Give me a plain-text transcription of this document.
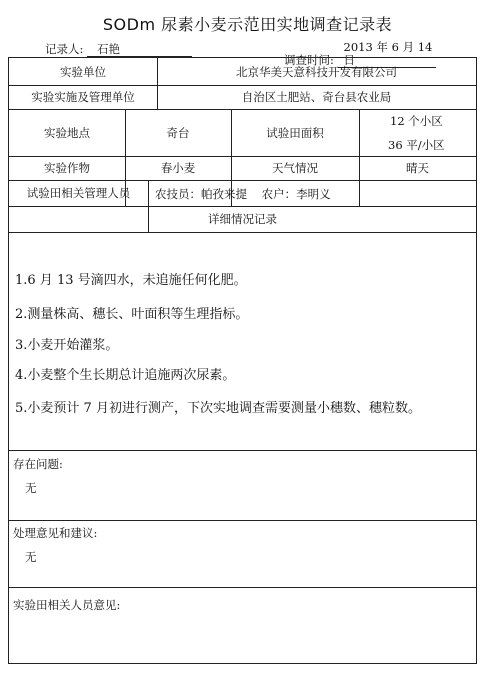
SODm 尿素小麦示范田实地调查记录表
记录人: 石艳
调查时间: 2013 年 6 月 14 日
实验单位	北京华美天意科技开发有限公司
实验实施及管理单位	自治区土肥站、奇台县农业局
实验地点	奇台	试验田面积
12 个小区
36 平/小区
实验作物	春小麦	天气情况	晴天
试验田相关管理人员	农技员：帕孜来提    农户：李明义
详细情况记录
1.6 月 13 号滴四水，未追施任何化肥。
2.测量株高、穗长、叶面积等生理指标。
3.小麦开始灌浆。
4.小麦整个生长期总计追施两次尿素。
5.小麦预计 7 月初进行测产，下次实地调查需要测量小穗数、穗粒数。
存在问题:
无
处理意见和建议:
无
实验田相关人员意见:
